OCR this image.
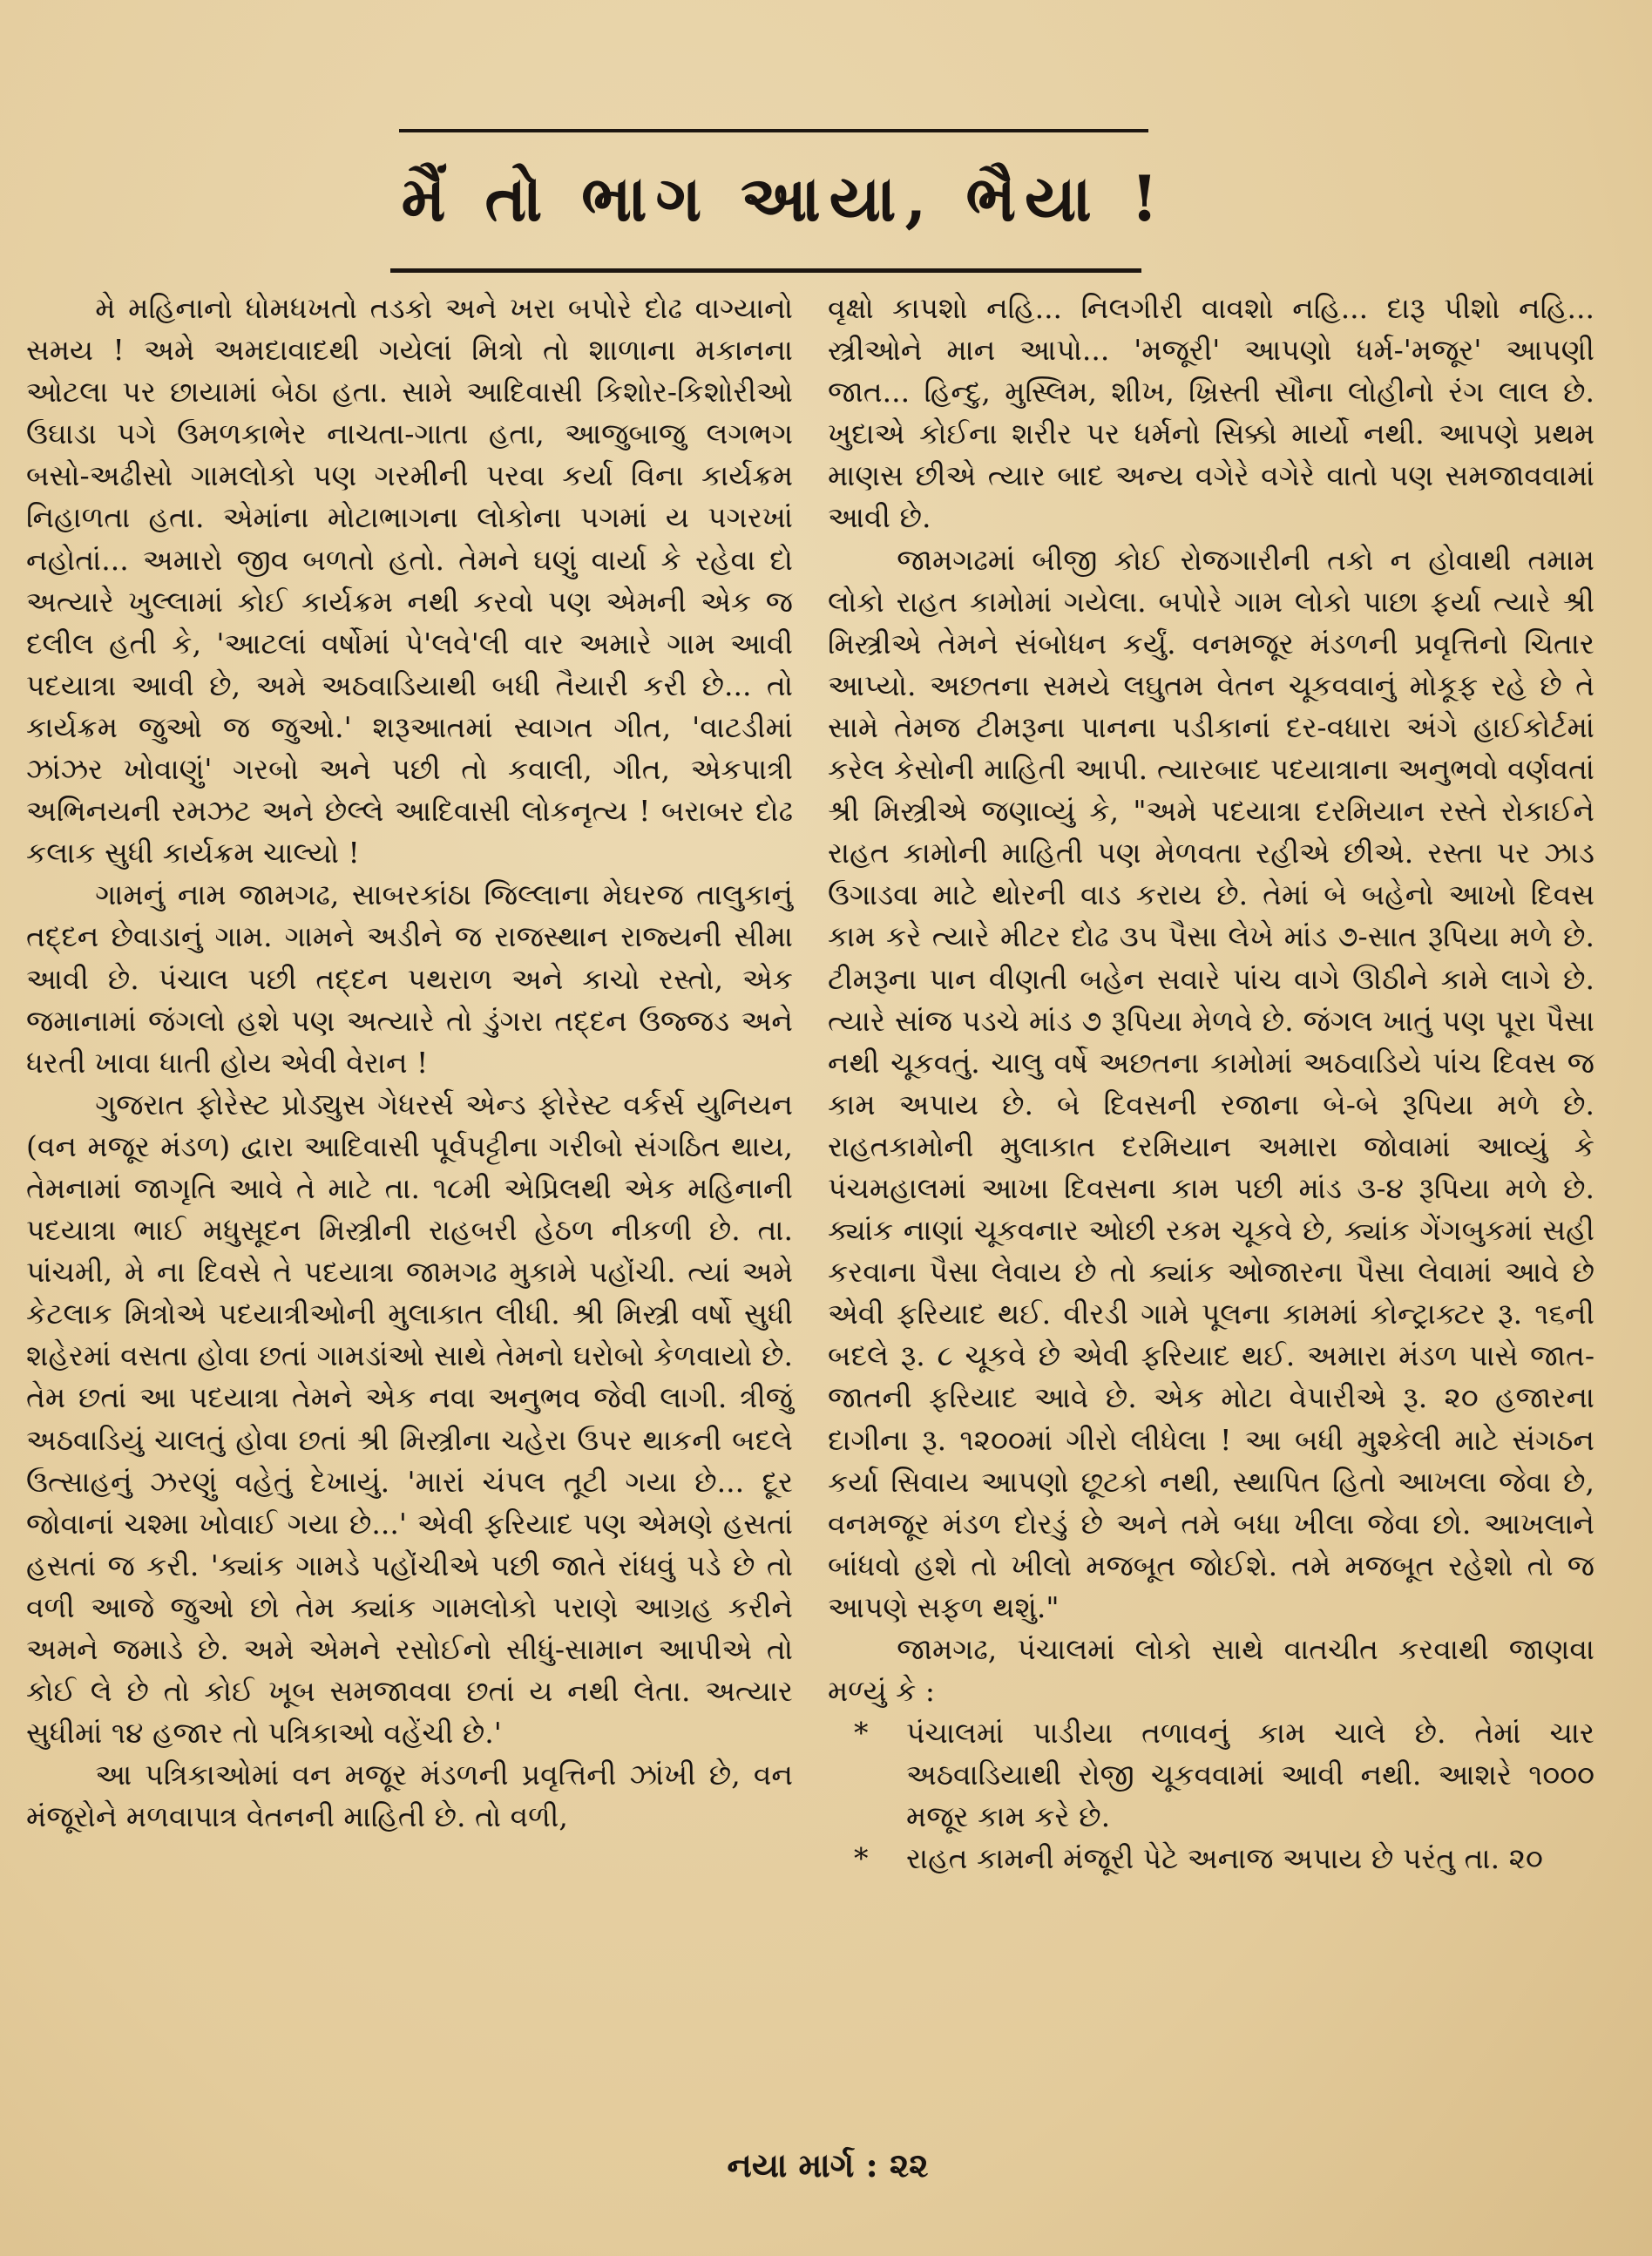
મૈં તો ભાગ આયા, ભૈયા !

મે મહિનાનો ધોમધખતો તડકો અને ખરા બપોરે દોઢ વાગ્યાનો સમય ! અમે અમદાવાદથી ગયેલાં મિત્રો તો શાળાના મકાનના ઓટલા પર છાયામાં બેઠા હતા. સામે આદિવાસી કિશોર-કિશોરીઓ ઉઘાડા પગે ઉમળકાભેર નાચતા-ગાતા હતા, આજુબાજુ લગભગ બસો-અઢીસો ગામલોકો પણ ગરમીની પરવા કર્યા વિના કાર્યક્રમ નિહાળતા હતા. એમાંના મોટાભાગના લોકોના પગમાં ય પગરખાં નહોતાં... અમારો જીવ બળતો હતો. તેમને ઘણું વાર્યા કે રહેવા દો અત્યારે ખુલ્લામાં કોઈ કાર્યક્રમ નથી કરવો પણ એમની એક જ દલીલ હતી કે, 'આટલાં વર્ષોમાં પે'લવે'લી વાર અમારે ગામ આવી પદયાત્રા આવી છે, અમે અઠવાડિયાથી બધી તૈયારી કરી છે... તો કાર્યક્રમ જુઓ જ જુઓ.' શરૂઆતમાં સ્વાગત ગીત, 'વાટડીમાં ઝાંઝર ખોવાણું' ગરબો અને પછી તો કવાલી, ગીત, એકપાત્રી અભિનયની રમઝટ અને છેલ્લે આદિવાસી લોકનૃત્ય ! બરાબર દોઢ કલાક સુધી કાર્યક્રમ ચાલ્યો !

ગામનું નામ જામગઢ, સાબરકાંઠા જિલ્લાના મેઘરજ તાલુકાનું તદ્દન છેવાડાનું ગામ. ગામને અડીને જ રાજસ્થાન રાજ્યની સીમા આવી છે. પંચાલ પછી તદ્દન પથરાળ અને કાચો રસ્તો, એક જમાનામાં જંગલો હશે પણ અત્યારે તો ડુંગરા તદ્દન ઉજ્જડ અને ધરતી ખાવા ધાતી હોય એવી વેરાન !

ગુજરાત ફોરેસ્ટ પ્રોડ્યુસ ગેધરર્સ એન્ડ ફોરેસ્ટ વર્કર્સ યુનિયન (વન મજૂર મંડળ) દ્વારા આદિવાસી પૂર્વપટ્ટીના ગરીબો સંગઠિત થાય, તેમનામાં જાગૃતિ આવે તે માટે તા. ૧૮મી એપ્રિલથી એક મહિનાની પદયાત્રા ભાઈ મધુસૂદન મિસ્ત્રીની રાહબરી હેઠળ નીકળી છે. તા. પાંચમી, મે ના દિવસે તે પદયાત્રા જામગઢ મુકામે પહોંચી. ત્યાં અમે કેટલાક મિત્રોએ પદયાત્રીઓની મુલાકાત લીધી. શ્રી મિસ્ત્રી વર્ષો સુધી શહેરમાં વસતા હોવા છતાં ગામડાંઓ સાથે તેમનો ઘરોબો કેળવાયો છે. તેમ છતાં આ પદયાત્રા તેમને એક નવા અનુભવ જેવી લાગી. ત્રીજું અઠવાડિયું ચાલતું હોવા છતાં શ્રી મિસ્ત્રીના ચહેરા ઉપર થાકની બદલે ઉત્સાહનું ઝરણું વહેતું દેખાયું. 'મારાં ચંપલ તૂટી ગયા છે... દૂર જોવાનાં ચશ્મા ખોવાઈ ગયા છે...' એવી ફરિયાદ પણ એમણે હસતાં હસતાં જ કરી. 'ક્યાંક ગામડે પહોંચીએ પછી જાતે રાંધવું પડે છે તો વળી આજે જુઓ છો તેમ ક્યાંક ગામલોકો પરાણે આગ્રહ કરીને અમને જમાડે છે. અમે એમને રસોઈનો સીધું-સામાન આપીએ તો કોઈ લે છે તો કોઈ ખૂબ સમજાવવા છતાં ય નથી લેતા. અત્યાર સુધીમાં ૧૪ હજાર તો પત્રિકાઓ વહેંચી છે.'

આ પત્રિકાઓમાં વન મજૂર મંડળની પ્રવૃત્તિની ઝાંખી છે, વન મંજૂરોને મળવાપાત્ર વેતનની માહિતી છે. તો વળી,

વૃક્ષો કાપશો નહિ... નિલગીરી વાવશો નહિ... દારૂ પીશો નહિ... સ્ત્રીઓને માન આપો... 'મજૂરી' આપણો ધર્મ-'મજૂર' આપણી જાત... હિન્દુ, મુસ્લિમ, શીખ, ખ્રિસ્તી સૌના લોહીનો રંગ લાલ છે. ખુદાએ કોઈના શરીર પર ધર્મનો સિક્કો માર્યો નથી. આપણે પ્રથમ માણસ છીએ ત્યાર બાદ અન્ય વગેરે વગેરે વાતો પણ સમજાવવામાં આવી છે.

જામગઢમાં બીજી કોઈ રોજગારીની તકો ન હોવાથી તમામ લોકો રાહત કામોમાં ગયેલા. બપોરે ગામ લોકો પાછા ફર્યા ત્યારે શ્રી મિસ્ત્રીએ તેમને સંબોધન કર્યું. વનમજૂર મંડળની પ્રવૃત્તિનો ચિતાર આપ્યો. અછતના સમયે લઘુતમ વેતન ચૂકવવાનું મોકૂફ રહે છે તે સામે તેમજ ટીમરૂના પાનના પડીકાનાં દર-વધારા અંગે હાઈકોર્ટમાં કરેલ કેસોની માહિતી આપી. ત્યારબાદ પદયાત્રાના અનુભવો વર્ણવતાં શ્રી મિસ્ત્રીએ જણાવ્યું કે, "અમે પદયાત્રા દરમિયાન રસ્તે રોકાઈને રાહત કામોની માહિતી પણ મેળવતા રહીએ છીએ. રસ્તા પર ઝાડ ઉગાડવા માટે થોરની વાડ કરાય છે. તેમાં બે બહેનો આખો દિવસ કામ કરે ત્યારે મીટર દોઢ ૩૫ પૈસા લેખે માંડ ૭-સાત રૂપિયા મળે છે. ટીમરૂના પાન વીણતી બહેન સવારે પાંચ વાગે ઊઠીને કામે લાગે છે. ત્યારે સાંજ પડચે માંડ ૭ રૂપિયા મેળવે છે. જંગલ ખાતું પણ પૂરા પૈસા નથી ચૂકવતું. ચાલુ વર્ષે અછતના કામોમાં અઠવાડિયે પાંચ દિવસ જ કામ અપાય છે. બે દિવસની રજાના બે-બે રૂપિયા મળે છે. રાહતકામોની મુલાકાત દરમિયાન અમારા જોવામાં આવ્યું કે પંચમહાલમાં આખા દિવસના કામ પછી માંડ ૩-૪ રૂપિયા મળે છે. ક્યાંક નાણાં ચૂકવનાર ઓછી રકમ ચૂકવે છે, ક્યાંક ગેંગબુકમાં સહી કરવાના પૈસા લેવાય છે તો ક્યાંક ઓજારના પૈસા લેવામાં આવે છે એવી ફરિયાદ થઈ. વીરડી ગામે પૂલના કામમાં કોન્ટ્રાક્ટર રૂ. ૧૬ની બદલે રૂ. ૮ ચૂકવે છે એવી ફરિયાદ થઈ. અમારા મંડળ પાસે જાત-જાતની ફરિયાદ આવે છે. એક મોટા વેપારીએ રૂ. ૨૦ હજારના દાગીના રૂ. ૧૨૦૦માં ગીરો લીધેલા ! આ બધી મુશ્કેલી માટે સંગઠન કર્યા સિવાય આપણો છૂટકો નથી, સ્થાપિત હિતો આખલા જેવા છે, વનમજૂર મંડળ દોરડું છે અને તમે બધા ખીલા જેવા છો. આખલાને બાંધવો હશે તો ખીલો મજબૂત જોઈશે. તમે મજબૂત રહેશો તો જ આપણે સફળ થશું."

જામગઢ, પંચાલમાં લોકો સાથે વાતચીત કરવાથી જાણવા મળ્યું કે :

* પંચાલમાં પાડીયા તળાવનું કામ ચાલે છે. તેમાં ચાર અઠવાડિયાથી રોજી ચૂકવવામાં આવી નથી. આશરે ૧૦૦૦ મજૂર કામ કરે છે.
* રાહત કામની મંજૂરી પેટે અનાજ અપાય છે પરંતુ તા. ૨૦
નયા માર્ગ : ૨૨
